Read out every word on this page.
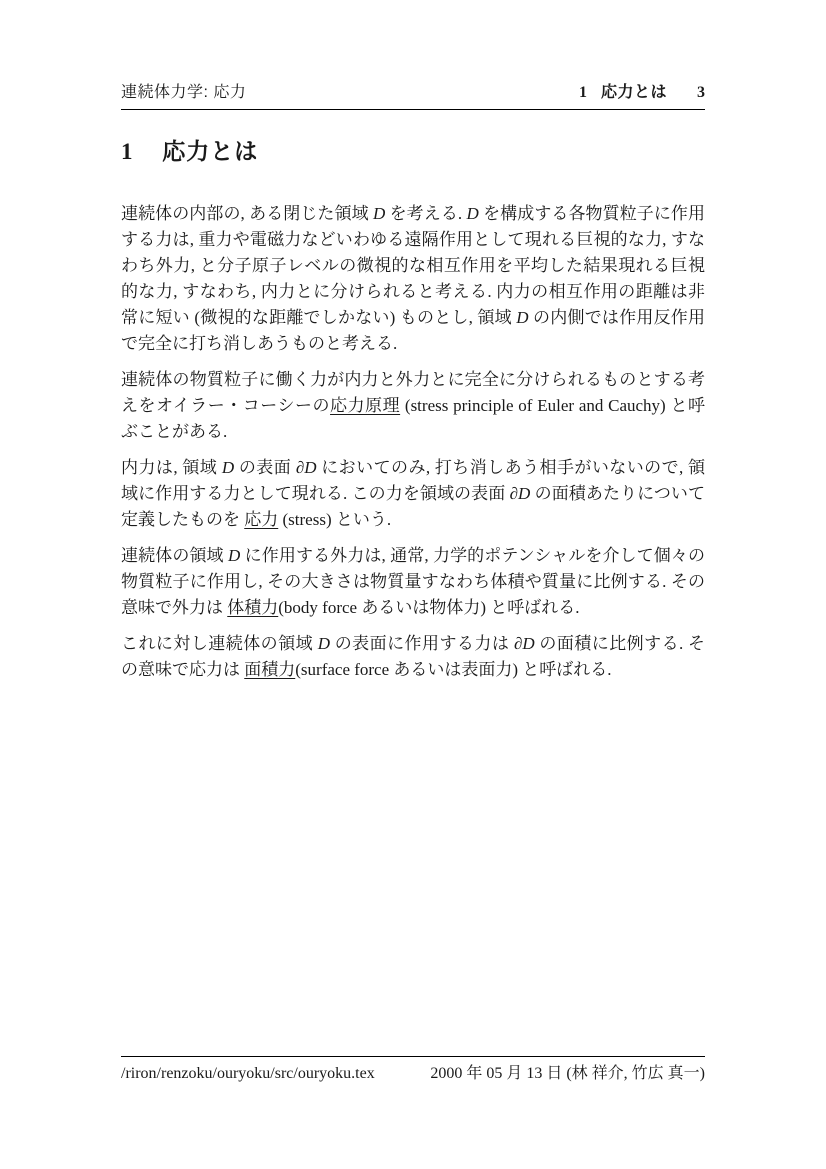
連続体力学: 応力	1 応力とは 3
1 応力とは

連続体の内部の, ある閉じた領域 D を考える. D を構成する各物質粒子に作用する力は, 重力や電磁力などいわゆる遠隔作用として現れる巨視的な力, すなわち外力, と分子原子レベルの微視的な相互作用を平均した結果現れる巨視的な力, すなわち, 内力とに分けられると考える. 内力の相互作用の距離は非常に短い (微視的な距離でしかない) ものとし, 領域 D の内側では作用反作用で完全に打ち消しあうものと考える.

連続体の物質粒子に働く力が内力と外力とに完全に分けられるものとする考えをオイラー・コーシーの応力原理 (stress principle of Euler and Cauchy) と呼ぶことがある.

内力は, 領域 D の表面 ∂D においてのみ, 打ち消しあう相手がいないので, 領域に作用する力として現れる. この力を領域の表面 ∂D の面積あたりについて定義したものを 応力 (stress) という.

連続体の領域 D に作用する外力は, 通常, 力学的ポテンシャルを介して個々の物質粒子に作用し, その大きさは物質量すなわち体積や質量に比例する. その意味で外力は 体積力(body force あるいは物体力) と呼ばれる.

これに対し連続体の領域 D の表面に作用する力は ∂D の面積に比例する. その意味で応力は 面積力(surface force あるいは表面力) と呼ばれる.

/riron/renzoku/ouryoku/src/ouryoku.tex	2000 年 05 月 13 日 (林 祥介, 竹広 真一)
